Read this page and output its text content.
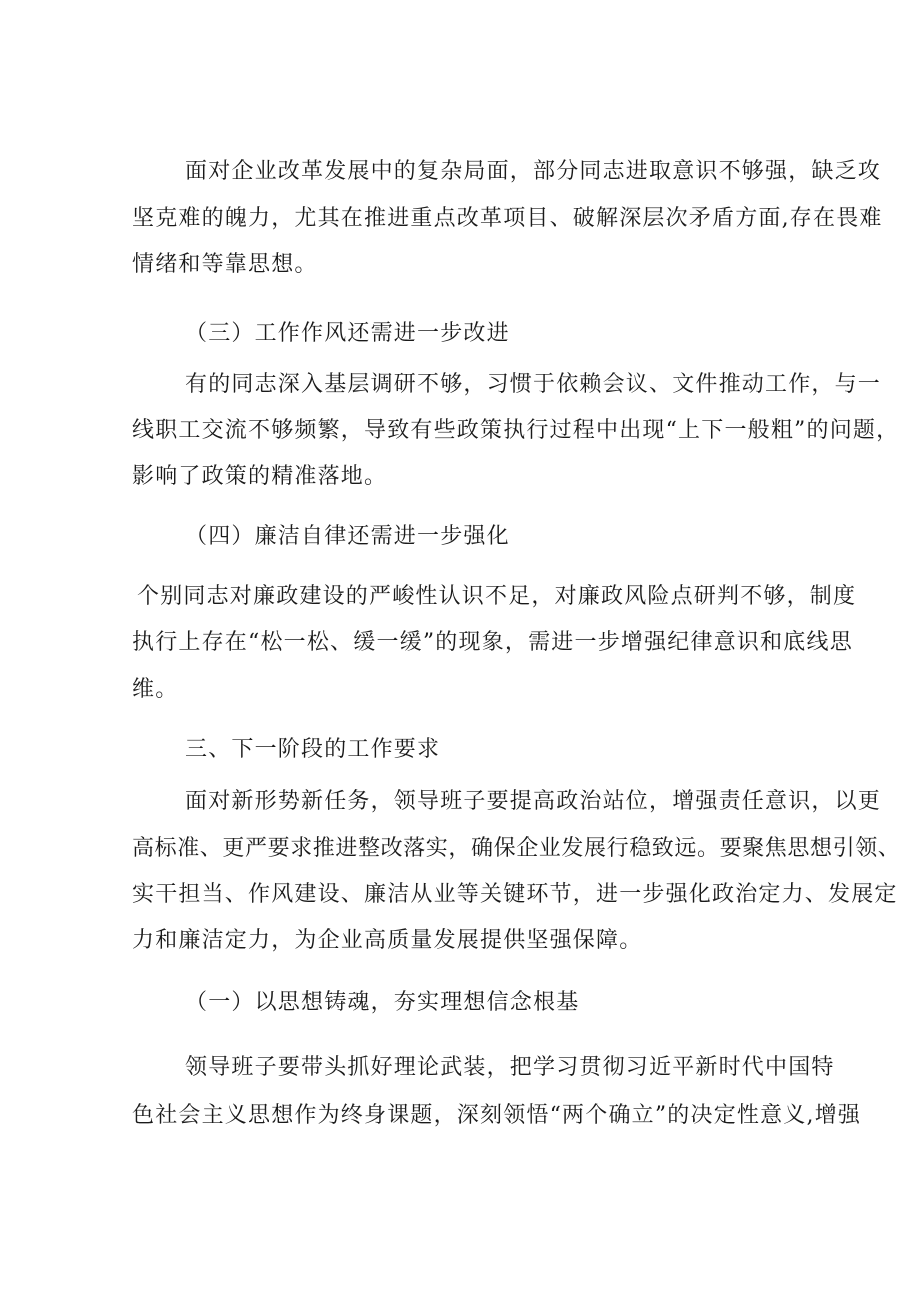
面对企业改革发展中的复杂局面，部分同志进取意识不够强，缺乏攻
坚克难的魄力，尤其在推进重点改革项目、破解深层次矛盾方面,存在畏难
情绪和等靠思想。
（三）工作作风还需进一步改进
有的同志深入基层调研不够，习惯于依赖会议、文件推动工作，与一
线职工交流不够频繁，导致有些政策执行过程中出现“上下一般粗”的问题，
影响了政策的精准落地。
（四）廉洁自律还需进一步强化
个别同志对廉政建设的严峻性认识不足，对廉政风险点研判不够，制度
执行上存在“松一松、缓一缓”的现象，需进一步增强纪律意识和底线思
维。
三、下一阶段的工作要求
面对新形势新任务，领导班子要提高政治站位，增强责任意识，以更
高标准、更严要求推进整改落实，确保企业发展行稳致远。要聚焦思想引领、
实干担当、作风建设、廉洁从业等关键环节，进一步强化政治定力、发展定
力和廉洁定力，为企业高质量发展提供坚强保障。
（一）以思想铸魂，夯实理想信念根基
领导班子要带头抓好理论武装，把学习贯彻习近平新时代中国特
色社会主义思想作为终身课题，深刻领悟“两个确立”的决定性意义,增强
